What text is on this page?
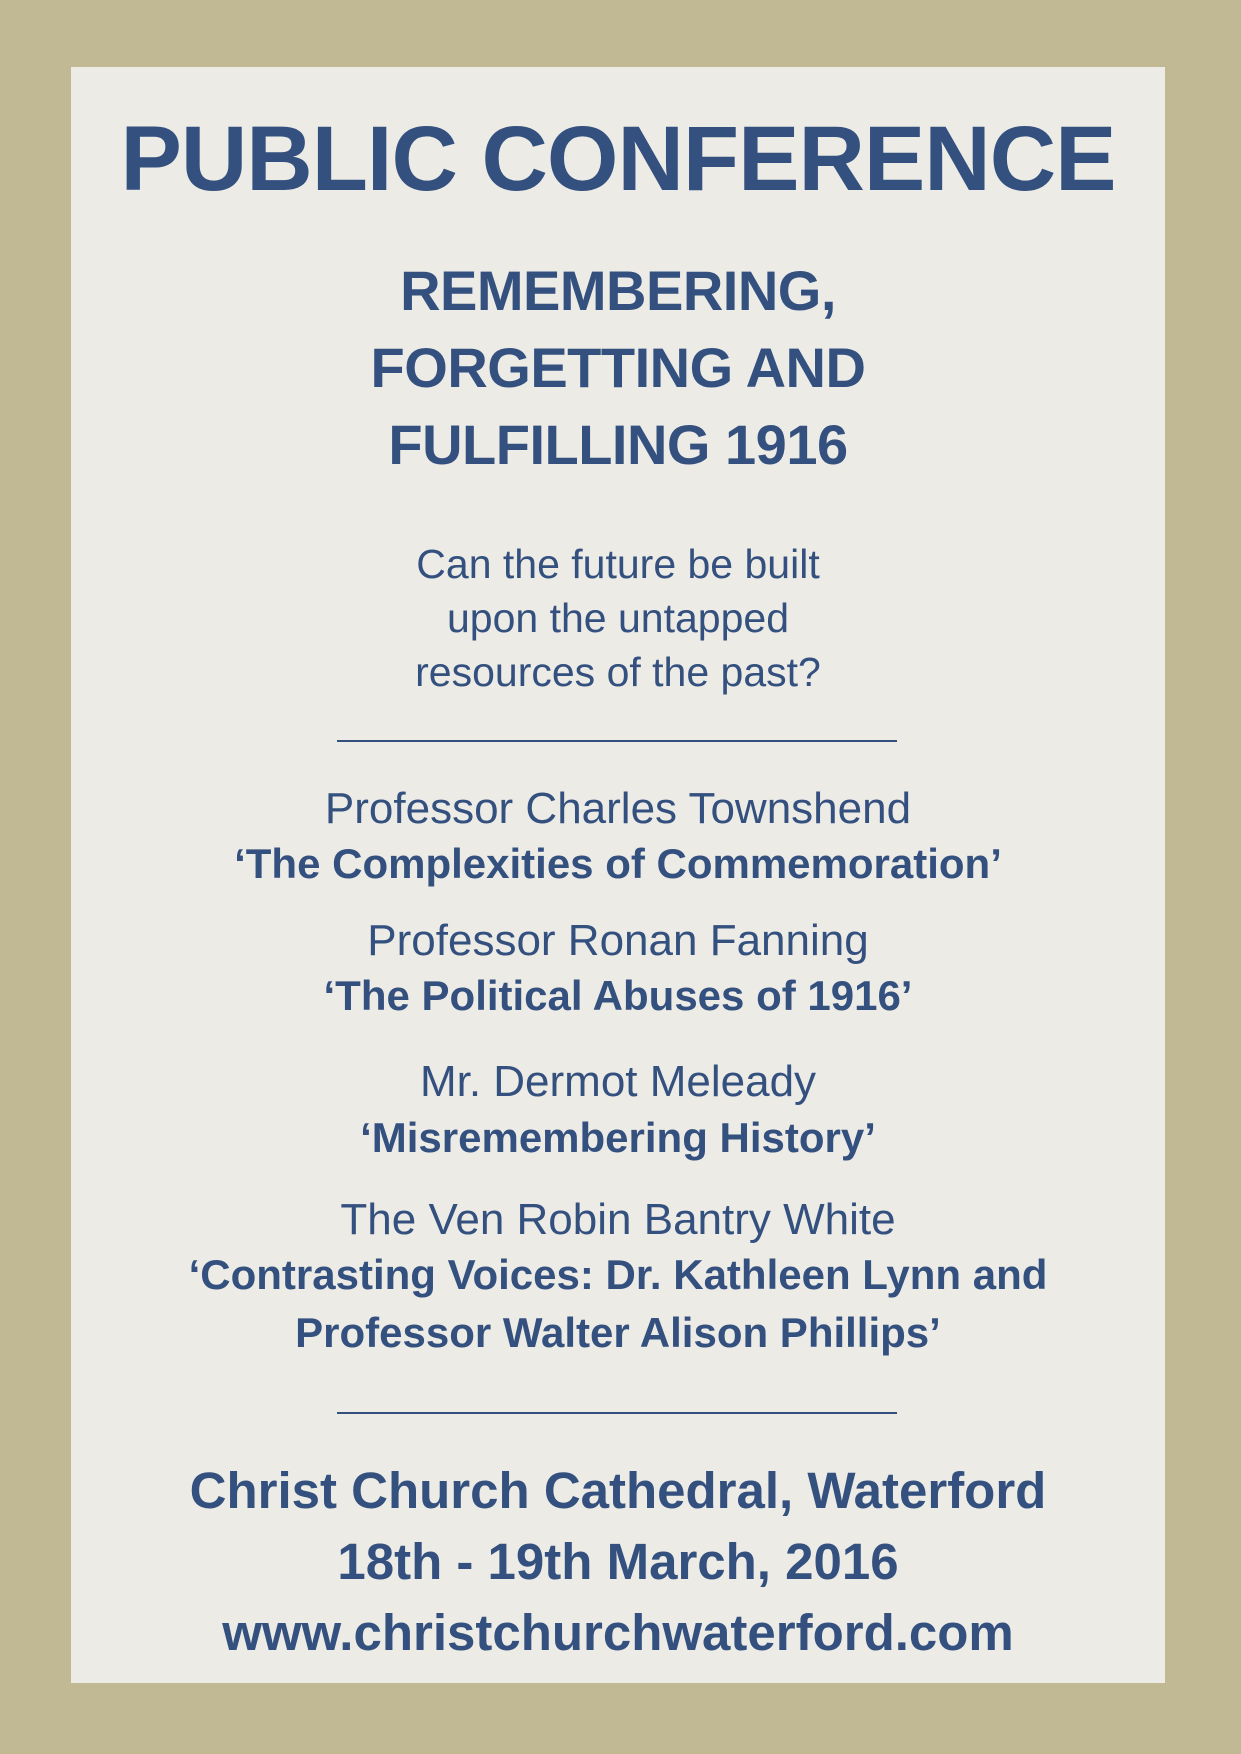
PUBLIC CONFERENCE
REMEMBERING,
FORGETTING AND
FULFILLING 1916
Can the future be built
upon the untapped
resources of the past?
Professor Charles Townshend
‘The Complexities of Commemoration’
Professor Ronan Fanning
‘The Political Abuses of 1916’
Mr. Dermot Meleady
‘Misremembering History’
The Ven Robin Bantry White
‘Contrasting Voices: Dr. Kathleen Lynn and
Professor Walter Alison Phillips’
Christ Church Cathedral, Waterford
18th - 19th March, 2016
www.christchurchwaterford.com
